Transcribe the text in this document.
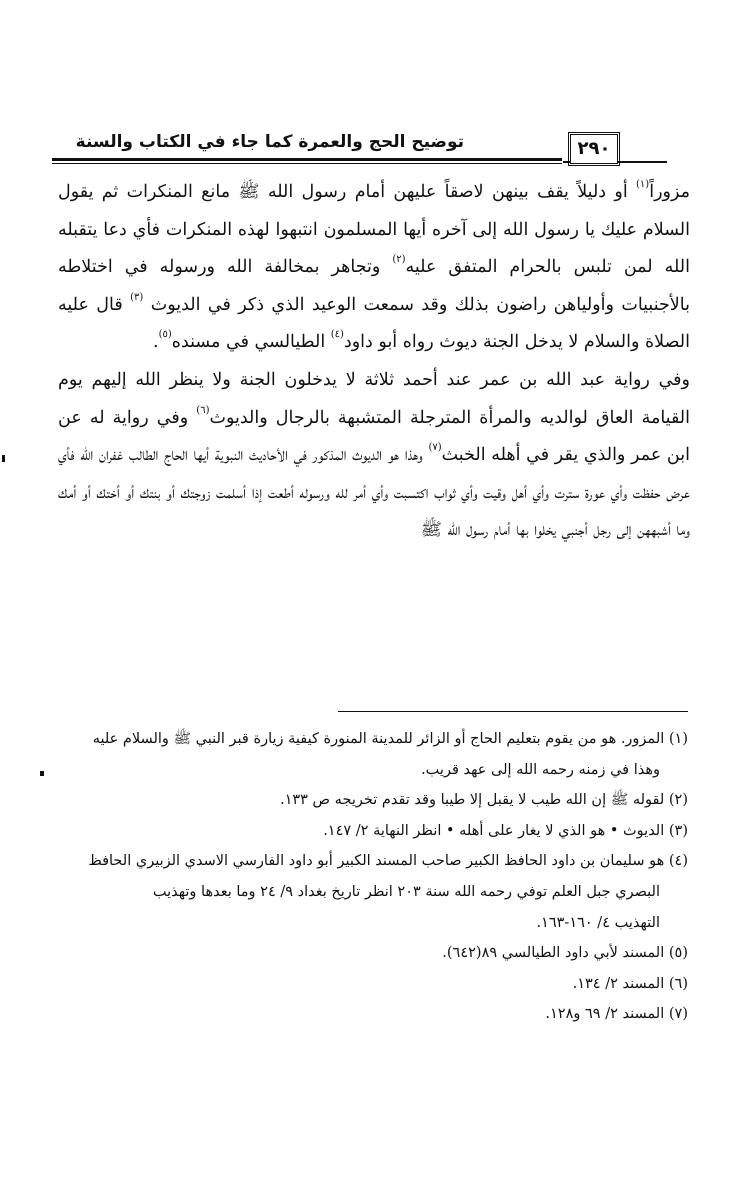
توضيح الحج والعمرة كما جاء في الكتاب والسنة	٢٩٠

مزوراً$^{(١)}$ أو دليلاً يقف بينهن لاصقاً عليهن أمام رسول الله ﷺ مانع المنكرات ثم يقول السلام عليك يا رسول الله إلى آخره أيها المسلمون انتبهوا لهذه المنكرات فأي دعا يتقبله الله لمن تلبس بالحرام المتفق عليه$^{(٢)}$ وتجاهر بمخالفة الله ورسوله في اختلاطه بالأجنبيات وأولياهن راضون بذلك وقد سمعت الوعيد الذي ذكر في الديوث $^{(٣)}$ قال عليه الصلاة والسلام لا يدخل الجنة ديوث رواه أبو داود$^{(٤)}$ الطيالسي في مسنده$^{(٥)}$.

وفي رواية عبد الله بن عمر عند أحمد ثلاثة لا يدخلون الجنة ولا ينظر الله إليهم يوم القيامة العاق لوالديه والمرأة المترجلة المتشبهة بالرجال والديوث$^{(٦)}$ وفي رواية له عن ابن عمر والذي يقر في أهله الخبث$^{(٧)}$ وهذا هو الديوث المذكور في الأحاديث النبوية أيها الحاج الطالب غفران الله فأي عرض حفظت وأي عورة سترت وأي أهل وقيت وأي ثواب اكتسبت وأي أمر لله ورسوله أطعت إذا أسلمت زوجتك أو بنتك أو أختك أو أمك وما أشبههن إلى رجل أجنبي يخلوا بها أمام رسول الله ﷺ

(١) المزور. هو من يقوم بتعليم الحاج أو الزائر للمدينة المنورة كيفية زيارة قبر النبي ﷺ والسلام عليه
وهذا في زمنه رحمه الله إلى عهد قريب.
(٢) لقوله ﷺ إن الله طيب لا يقبل إلا طيبا وقد تقدم تخريجه ص ١٣٣.
(٣) الديوث • هو الذي لا يغار على أهله • انظر النهاية ٢/ ١٤٧.
(٤) هو سليمان بن داود الحافظ الكبير صاحب المسند الكبير أبو داود الفارسي الاسدي الزبيري الحافظ
البصري جبل العلم توفي رحمه الله سنة ٢٠٣ انظر تاريخ بغداد ٩/ ٢٤ وما بعدها وتهذيب
التهذيب ٤/ ١٦٠-١٦٣.
(٥) المسند لأبي داود الطيالسي ٨٩(٦٤٢).
(٦) المسند ٢/ ١٣٤.
(٧) المسند ٢/ ٦٩ و١٢٨.
